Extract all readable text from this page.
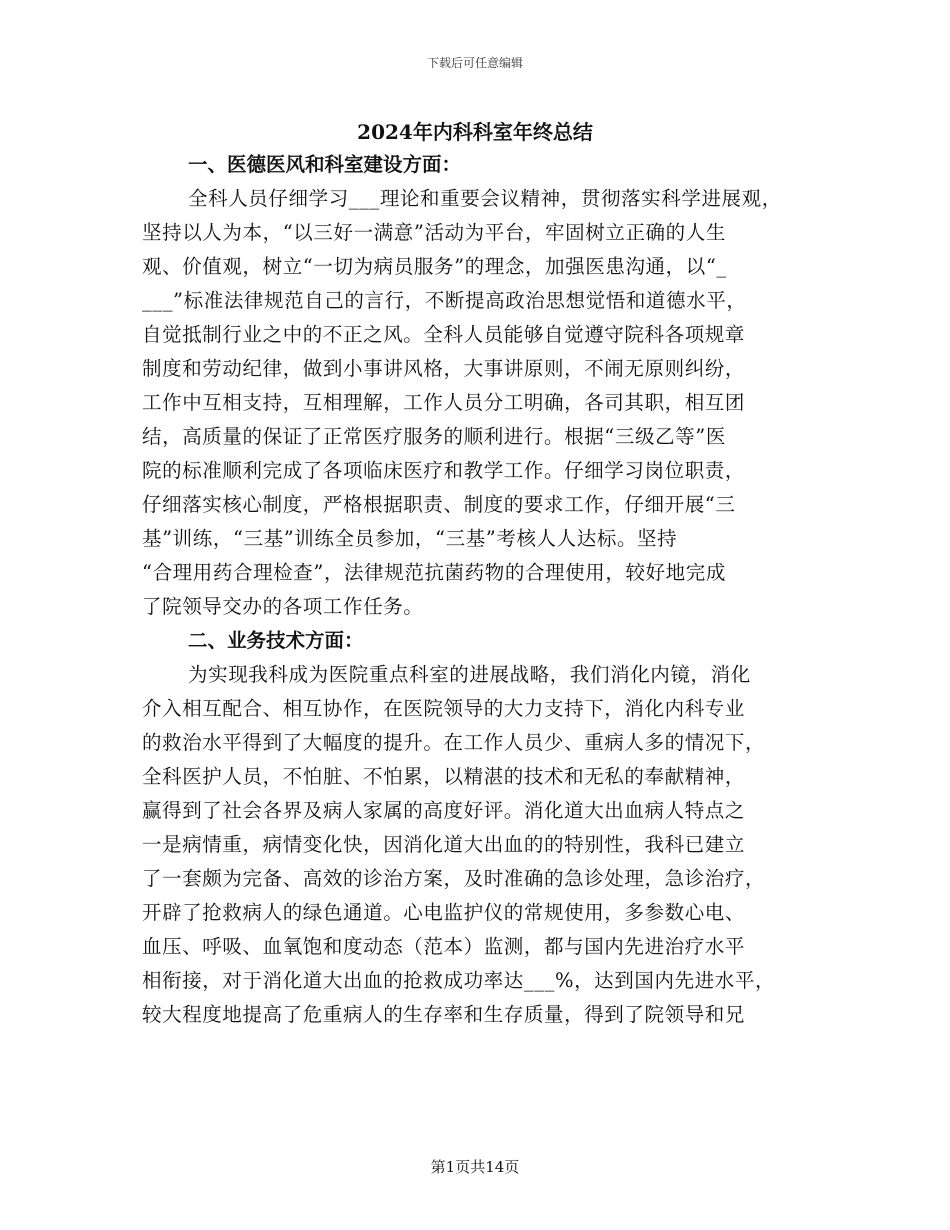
下载后可任意编辑
2024年内科科室年终总结
一、医德医风和科室建设方面：
全科人员仔细学习___理论和重要会议精神，贯彻落实科学进展观，
坚持以人为本，“以三好一满意”活动为平台，牢固树立正确的人生
观、价值观，树立“一切为病员服务”的理念，加强医患沟通，以“_
___”标准法律规范自己的言行，不断提高政治思想觉悟和道德水平，
自觉抵制行业之中的不正之风。全科人员能够自觉遵守院科各项规章
制度和劳动纪律，做到小事讲风格，大事讲原则，不闹无原则纠纷，
工作中互相支持，互相理解，工作人员分工明确，各司其职，相互团
结，高质量的保证了正常医疗服务的顺利进行。根据“三级乙等”医
院的标准顺利完成了各项临床医疗和教学工作。仔细学习岗位职责，
仔细落实核心制度，严格根据职责、制度的要求工作，仔细开展“三
基”训练，“三基”训练全员参加，“三基”考核人人达标。坚持
“合理用药合理检查”，法律规范抗菌药物的合理使用，较好地完成
了院领导交办的各项工作任务。
二、业务技术方面：
为实现我科成为医院重点科室的进展战略，我们消化内镜，消化
介入相互配合、相互协作，在医院领导的大力支持下，消化内科专业
的救治水平得到了大幅度的提升。在工作人员少、重病人多的情况下，
全科医护人员，不怕脏、不怕累，以精湛的技术和无私的奉献精神，
赢得到了社会各界及病人家属的高度好评。消化道大出血病人特点之
一是病情重，病情变化快，因消化道大出血的的特别性，我科已建立
了一套颇为完备、高效的诊治方案，及时准确的急诊处理，急诊治疗，
开辟了抢救病人的绿色通道。心电监护仪的常规使用，多参数心电、
血压、呼吸、血氧饱和度动态（范本）监测，都与国内先进治疗水平
相衔接，对于消化道大出血的抢救成功率达___%，达到国内先进水平，
较大程度地提高了危重病人的生存率和生存质量，得到了院领导和兄
第1页共14页
